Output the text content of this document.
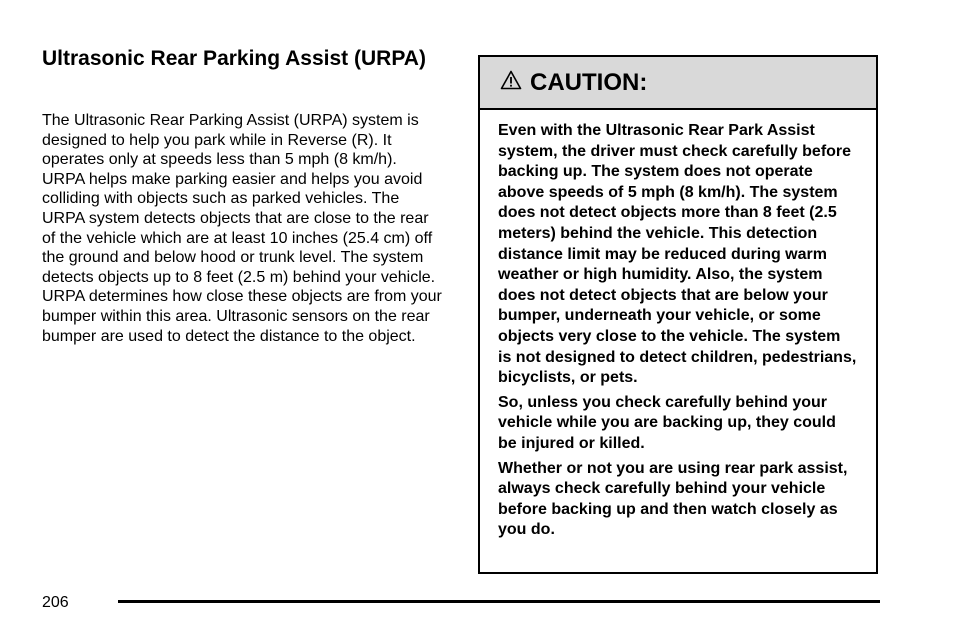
Ultrasonic Rear Parking Assist (URPA)

The Ultrasonic Rear Parking Assist (URPA) system is designed to help you park while in Reverse (R). It operates only at speeds less than 5 mph (8 km/h). URPA helps make parking easier and helps you avoid colliding with objects such as parked vehicles. The URPA system detects objects that are close to the rear of the vehicle which are at least 10 inches (25.4 cm) off the ground and below hood or trunk level. The system detects objects up to 8 feet (2.5 m) behind your vehicle. URPA determines how close these objects are from your bumper within this area. Ultrasonic sensors on the rear bumper are used to detect the distance to the object.

CAUTION:

Even with the Ultrasonic Rear Park Assist system, the driver must check carefully before backing up. The system does not operate above speeds of 5 mph (8 km/h). The system does not detect objects more than 8 feet (2.5 meters) behind the vehicle. This detection distance limit may be reduced during warm weather or high humidity. Also, the system does not detect objects that are below your bumper, underneath your vehicle, or some objects very close to the vehicle. The system is not designed to detect children, pedestrians, bicyclists, or pets.

So, unless you check carefully behind your vehicle while you are backing up, they could be injured or killed.

Whether or not you are using rear park assist, always check carefully behind your vehicle before backing up and then watch closely as you do.

206
